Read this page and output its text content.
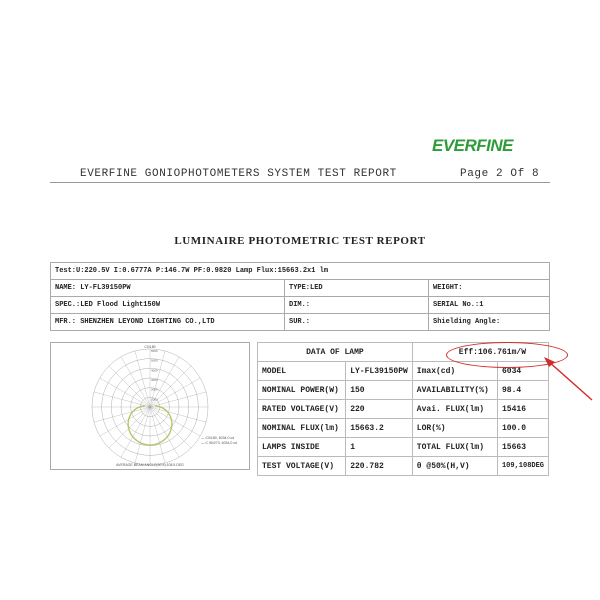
EVERFINE
EVERFINE GONIOPHOTOMETERS SYSTEM TEST REPORT	Page 2 Of 8
LUMINAIRE PHOTOMETRIC TEST REPORT
Test:U:220.5V I:0.6777A P:146.7W PF:0.9820 Lamp Flux:15663.2x1 lm		
NAME: LY-FL39150PW	TYPE:LED	WEIGHT:
SPEC.:LED Flood Light150W	DIM.:	SERIAL No.:1
MFR.: SHENZHEN LEYOND LIGHTING CO.,LTD	SUR.:	Shielding Angle:
1000
2000
3000
4000
5000
6000
C0/180
— C0/180, 6034.0 cd
— C 90/270, 6034.0 cd
AVERAGE BEAM ANGLE(50%):108.5 DEG
DATA OF LAMP		Eff:106.761m/W	
MODEL	LY-FL39150PW	Imax(cd)	6034
NOMINAL POWER(W)	150	AVAILABILITY(%)	98.4
RATED VOLTAGE(V)	220	Avai. FLUX(lm)	15416
NOMINAL FLUX(lm)	15663.2	LOR(%)	100.0
LAMPS INSIDE	1	TOTAL FLUX(lm)	15663
TEST VOLTAGE(V)	220.782	θ @50%(H,V)	109,108DEG
